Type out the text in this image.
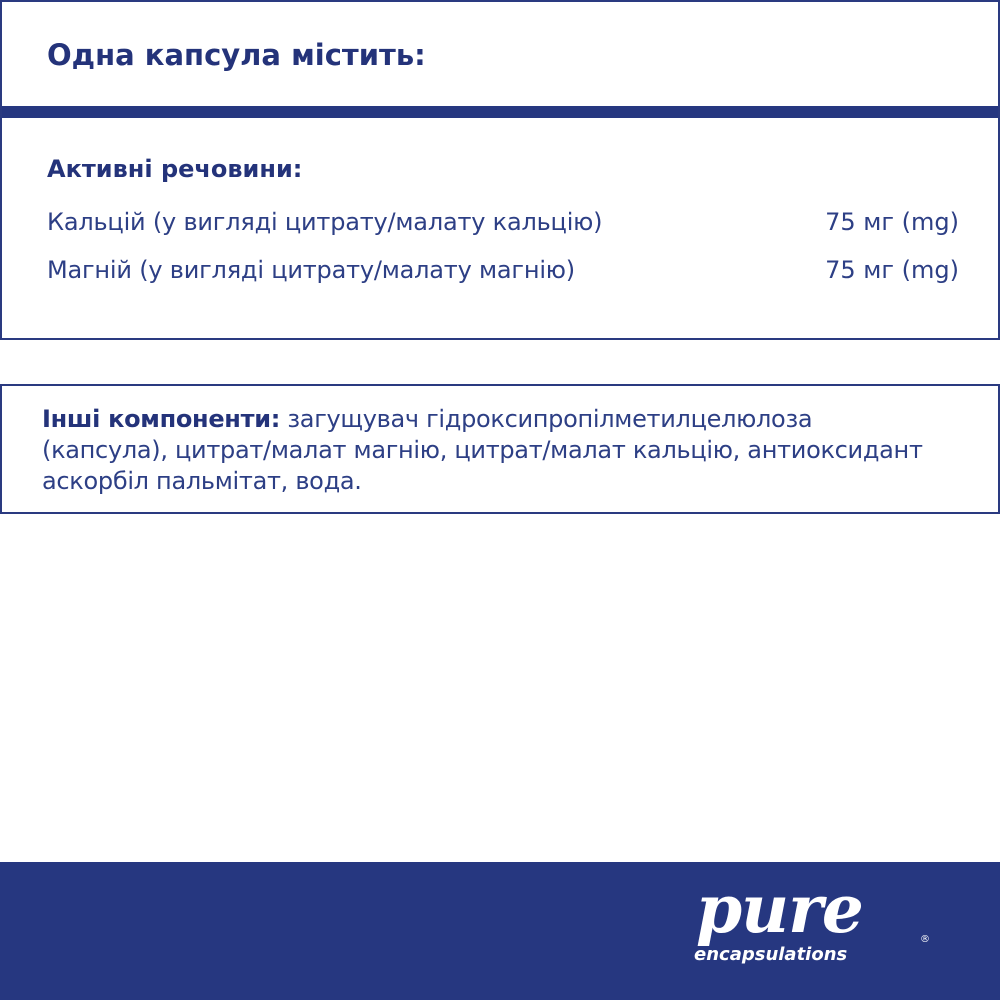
Одна капсула містить:
Активні речовини:
Кальцій (у вигляді цитрату/малату кальцію)	75 мг (mg)
Магній (у вигляді цитрату/малату магнію)	75 мг (mg)

Інші компоненти: загущувач гідроксипропілметилцелюлоза (капсула), цитрат/малат магнію, цитрат/малат кальцію, антиоксидант аскорбіл пальмітат, вода.

pure
encapsulations
®
